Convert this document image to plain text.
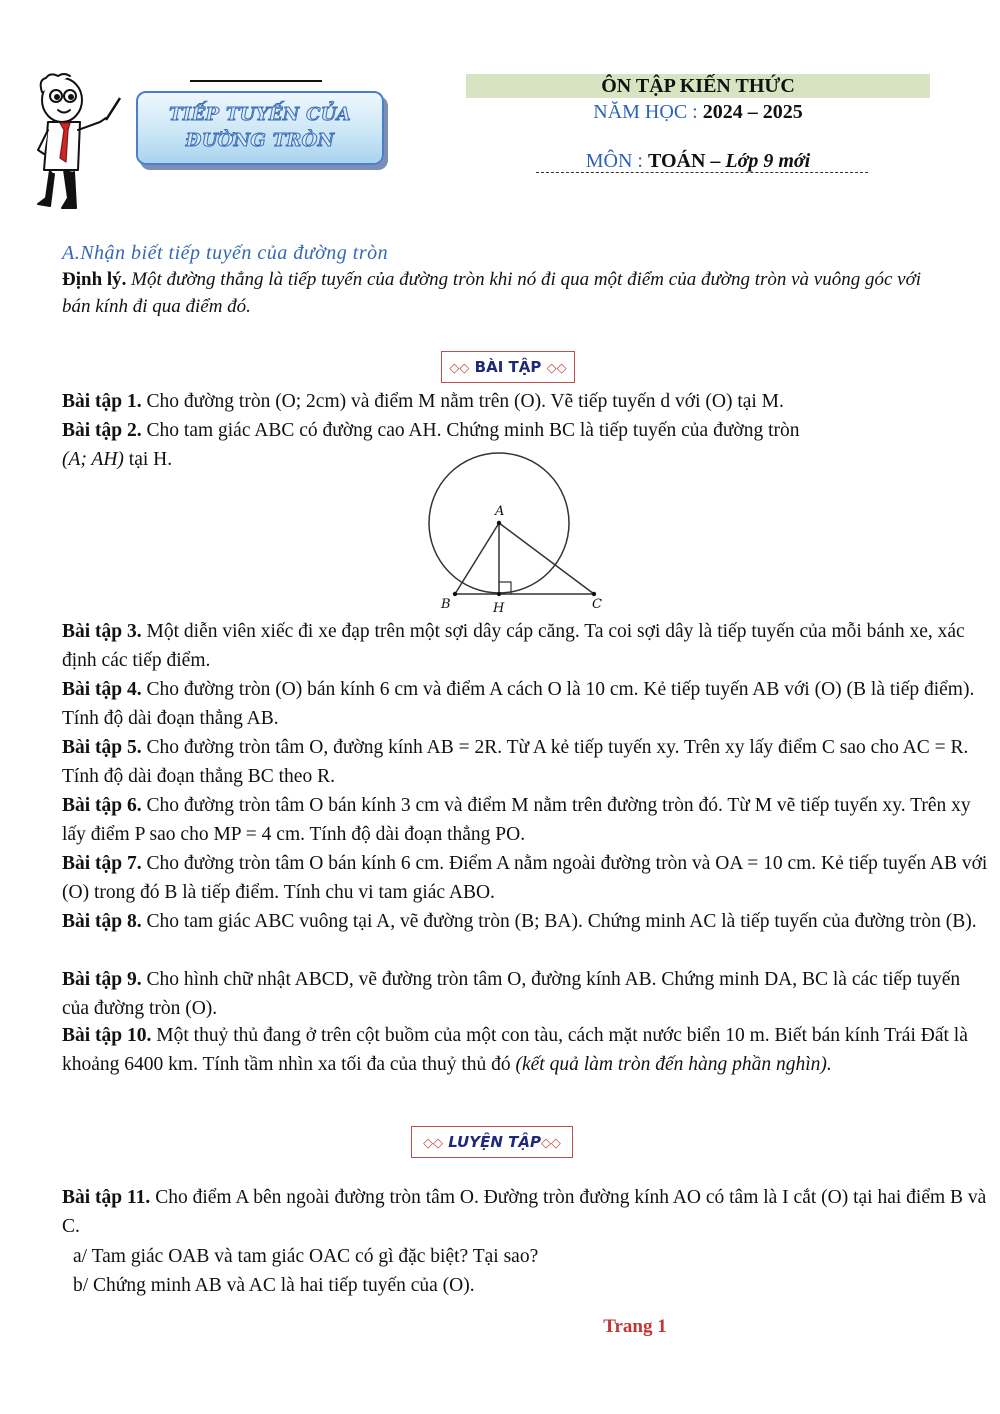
TIẾP TUYẾN CỦA
ĐƯỜNG TRÒN
ÔN TẬP KIẾN THỨC
NĂM HỌC : 2024 – 2025
MÔN : TOÁN – Lớp 9 mới
A.Nhận biết tiếp tuyến của đường tròn
Định lý. Một đường thẳng là tiếp tuyến của đường tròn khi nó đi qua một điểm của đường tròn và vuông góc với bán kính đi qua điểm đó.
◇◇ BÀI TẬP ◇◇
Bài tập 1. Cho đường tròn (O; 2cm) và điểm M nằm trên (O). Vẽ tiếp tuyến d với (O) tại M.
Bài tập 2. Cho tam giác ABC có đường cao AH. Chứng minh BC là tiếp tuyến của đường tròn
(A; AH) tại H.
A
B	H	C
Bài tập 3. Một diễn viên xiếc đi xe đạp trên một sợi dây cáp căng. Ta coi sợi dây là tiếp tuyến của mỗi bánh xe, xác định các tiếp điểm.
Bài tập 4. Cho đường tròn (O) bán kính 6 cm và điểm A cách O là 10 cm. Kẻ tiếp tuyến AB với (O) (B là tiếp điểm). Tính độ dài đoạn thẳng AB.
Bài tập 5. Cho đường tròn tâm O, đường kính AB = 2R. Từ A kẻ tiếp tuyến xy. Trên xy lấy điểm C sao cho AC = R. Tính độ dài đoạn thẳng BC theo R.
Bài tập 6. Cho đường tròn tâm O bán kính 3 cm và điểm M nằm trên đường tròn đó. Từ M vẽ tiếp tuyến xy. Trên xy lấy điểm P sao cho MP = 4 cm. Tính độ dài đoạn thẳng PO.
Bài tập 7. Cho đường tròn tâm O bán kính 6 cm. Điểm A nằm ngoài đường tròn và OA = 10 cm. Kẻ tiếp tuyến AB với (O) trong đó B là tiếp điểm. Tính chu vi tam giác ABO.
Bài tập 8. Cho tam giác ABC vuông tại A, vẽ đường tròn (B; BA). Chứng minh AC là tiếp tuyến của đường tròn (B).
Bài tập 9. Cho hình chữ nhật ABCD, vẽ đường tròn tâm O, đường kính AB. Chứng minh DA, BC là các tiếp tuyến của đường tròn (O).
Bài tập 10. Một thuỷ thủ đang ở trên cột buồm của một con tàu, cách mặt nước biển 10 m. Biết bán kính Trái Đất là khoảng 6400 km. Tính tầm nhìn xa tối đa của thuỷ thủ đó (kết quả làm tròn đến hàng phần nghìn).
◇◇ LUYỆN TẬP◇◇
Bài tập 11. Cho điểm A bên ngoài đường tròn tâm O. Đường tròn đường kính AO có tâm là I cắt (O) tại hai điểm B và C.
a/ Tam giác OAB và tam giác OAC có gì đặc biệt? Tại sao?
b/ Chứng minh AB và AC là hai tiếp tuyến của (O).
Trang 1
